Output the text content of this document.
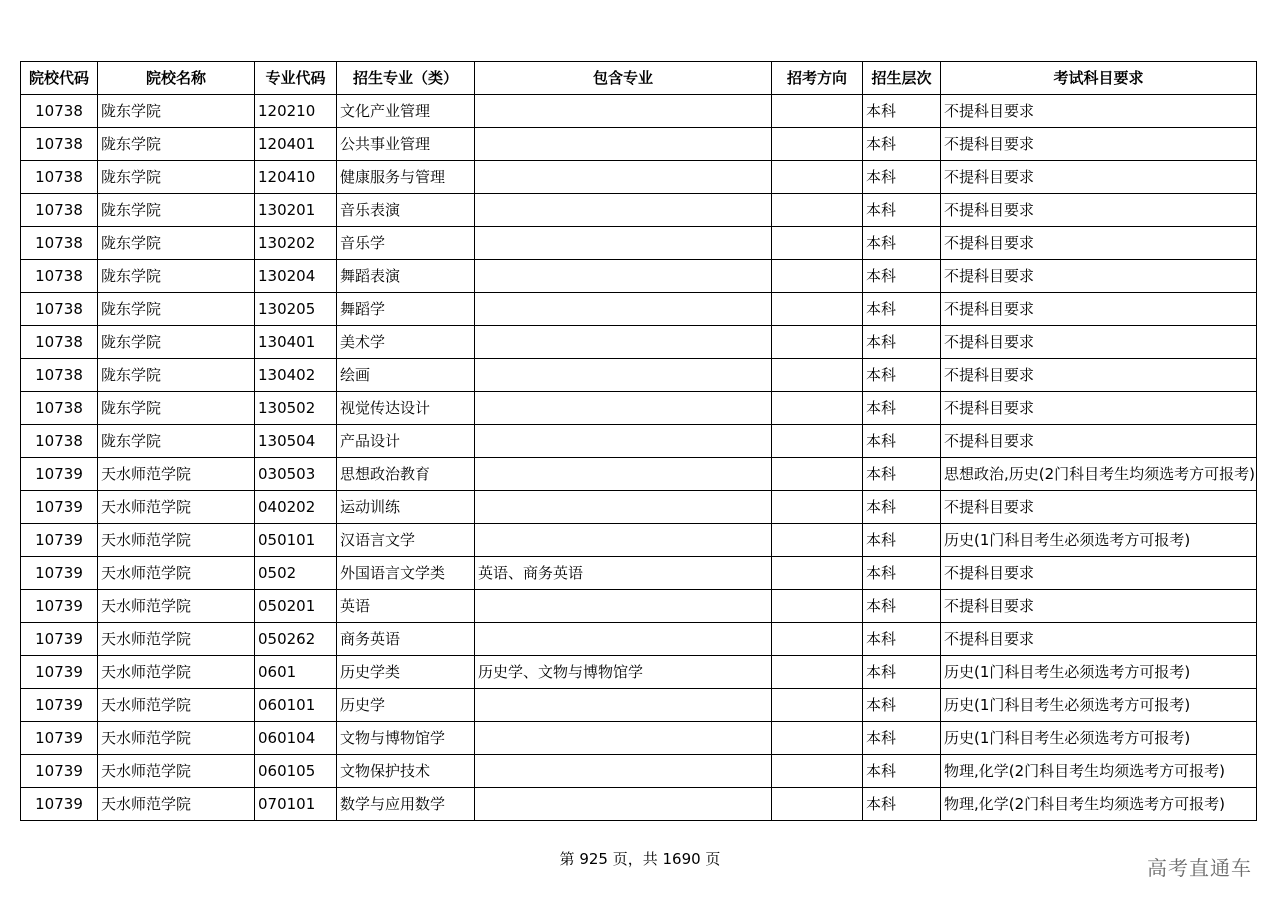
院校代码	院校名称	专业代码	招生专业（类）	包含专业	招考方向	招生层次	考试科目要求
10738	陇东学院	120210	文化产业管理			本科	不提科目要求
10738	陇东学院	120401	公共事业管理			本科	不提科目要求
10738	陇东学院	120410	健康服务与管理			本科	不提科目要求
10738	陇东学院	130201	音乐表演			本科	不提科目要求
10738	陇东学院	130202	音乐学			本科	不提科目要求
10738	陇东学院	130204	舞蹈表演			本科	不提科目要求
10738	陇东学院	130205	舞蹈学			本科	不提科目要求
10738	陇东学院	130401	美术学			本科	不提科目要求
10738	陇东学院	130402	绘画			本科	不提科目要求
10738	陇东学院	130502	视觉传达设计			本科	不提科目要求
10738	陇东学院	130504	产品设计			本科	不提科目要求
10739	天水师范学院	030503	思想政治教育			本科	思想政治,历史(2门科目考生均须选考方可报考)
10739	天水师范学院	040202	运动训练			本科	不提科目要求
10739	天水师范学院	050101	汉语言文学			本科	历史(1门科目考生必须选考方可报考)
10739	天水师范学院	0502	外国语言文学类	英语、商务英语		本科	不提科目要求
10739	天水师范学院	050201	英语			本科	不提科目要求
10739	天水师范学院	050262	商务英语			本科	不提科目要求
10739	天水师范学院	0601	历史学类	历史学、文物与博物馆学		本科	历史(1门科目考生必须选考方可报考)
10739	天水师范学院	060101	历史学			本科	历史(1门科目考生必须选考方可报考)
10739	天水师范学院	060104	文物与博物馆学			本科	历史(1门科目考生必须选考方可报考)
10739	天水师范学院	060105	文物保护技术			本科	物理,化学(2门科目考生均须选考方可报考)
10739	天水师范学院	070101	数学与应用数学			本科	物理,化学(2门科目考生均须选考方可报考)
第 925 页，共 1690 页	高考直通车
